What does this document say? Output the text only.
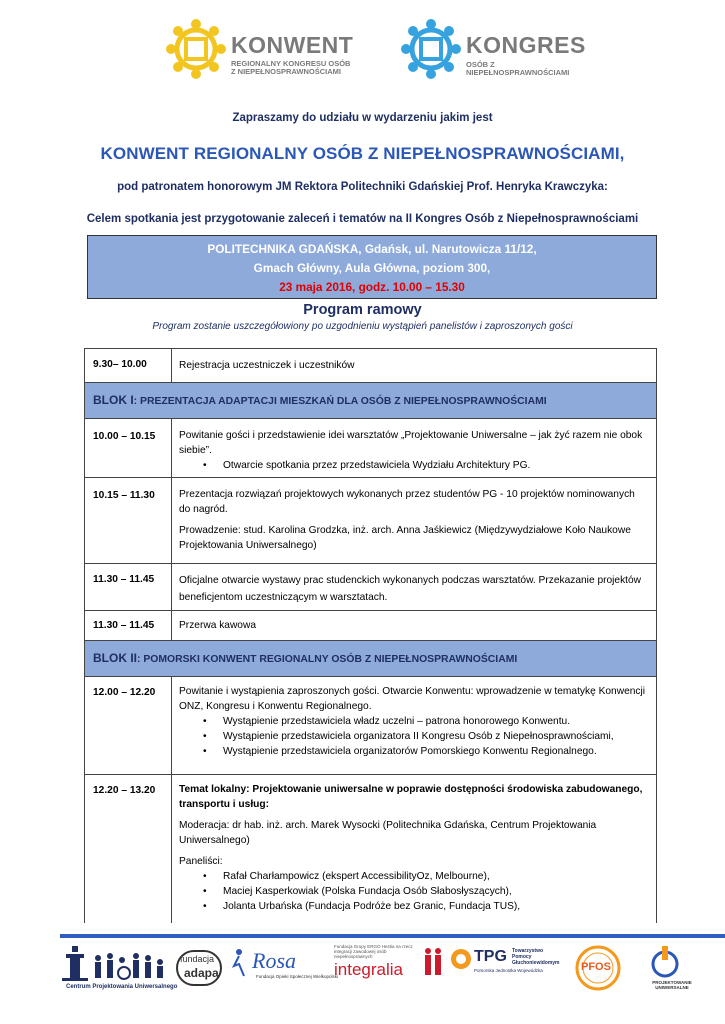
KONWENT
REGIONALNY KONGRESU OSÓB
Z NIEPEŁNOSPRAWNOŚCIAMI
KONGRES
OSÓB Z NIEPEŁNOSPRAWNOŚCIAMI
Zapraszamy do udziału w wydarzeniu jakim jest
KONWENT REGIONALNY OSÓB Z NIEPEŁNOSPRAWNOŚCIAMI,
pod patronatem honorowym JM Rektora Politechniki Gdańskiej Prof. Henryka Krawczyka:
Celem spotkania jest przygotowanie zaleceń i tematów na II Kongres Osób z Niepełnosprawnościami
POLITECHNIKA GDAŃSKA, Gdańsk, ul. Narutowicza 11/12,
Gmach Główny, Aula Główna, poziom 300,
23 maja 2016, godz. 10.00 – 15.30
Program ramowy
Program zostanie uszczegółowiony po uzgodnieniu wystąpień panelistów i zaproszonych gości
9.30– 10.00	Rejestracja uczestniczek i uczestników
BLOK I: PREZENTACJA ADAPTACJI MIESZKAŃ DLA OSÓB Z NIEPEŁNOSPRAWNOŚCIAMI
10.00 – 10.15 Powitanie gości i przedstawienie idei warsztatów „Projektowanie Uniwersalne – jak żyć razem nie obok siebie”.
• Otwarcie spotkania przez przedstawiciela Wydziału Architektury PG.
10.15 – 11.30 Prezentacja rozwiązań projektowych wykonanych przez studentów PG - 10 projektów nominowanych do nagród.

Prowadzenie: stud. Karolina Grodzka, inż. arch. Anna Jaśkiewicz (Międzywydziałowe Koło Naukowe Projektowania Uniwersalnego)

11.30 – 11.45 Oficjalne otwarcie wystawy prac studenckich wykonanych podczas warsztatów. Przekazanie projektów beneficjentom uczestniczącym w warsztatach.
11.30 – 11.45 Przerwa kawowa
BLOK II: POMORSKI KONWENT REGIONALNY OSÓB Z NIEPEŁNOSPRAWNOŚCIAMI
12.00 – 12.20 Powitanie i wystąpienia zaproszonych gości. Otwarcie Konwentu: wprowadzenie w tematykę Konwencji ONZ, Kongresu i Konwentu Regionalnego.
• Wystąpienie przedstawiciela władz uczelni – patrona honorowego Konwentu.
• Wystąpienie przedstawiciela organizatora II Kongresu Osób z Niepełnosprawnościami,
• Wystąpienie przedstawiciela organizatorów Pomorskiego Konwentu Regionalnego.
12.20 – 13.20 Temat lokalny: Projektowanie uniwersalne w poprawie dostępności środowiska zabudowanego, transportu i usług:

Moderacja: dr hab. inż. arch. Marek Wysocki (Politechnika Gdańska, Centrum Projektowania Uniwersalnego)

Paneliści:

• Rafał Charłampowicz (ekspert AccessibilityOz, Melbourne),
• Maciej Kasperkowiak (Polska Fundacja Osób Słabosłyszących),
• Jolanta Urbańska (Fundacja Podróże bez Granic, Fundacja TUS),
Centrum Projektowania Uniwersalnego
fundacja
adapa Rosa
Fundacja Opieki Społecznej Wielkopolski
Fundacja Grupy ERGO Hestia na rzecz integracji zawodowej osób niepełnosprawnych
integralia
TPG Towarzystwo Pomocy Głuchoniewidomym
Pomorska Jednostka Wojewódzka	PFOS
PROJEKTOWANIE UNIWERSALNE
